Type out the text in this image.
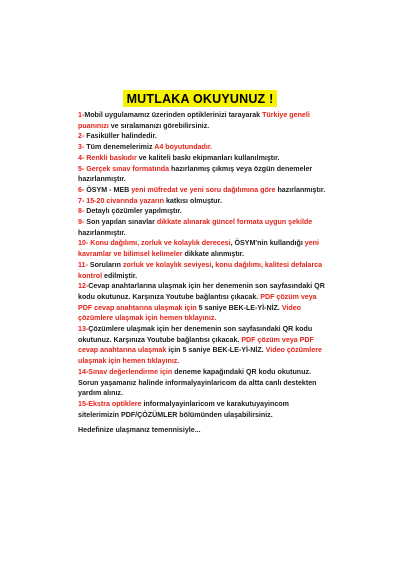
MUTLAKA OKUYUNUZ !

1-Mobil uygulamamız üzerinden optiklerinizi tarayarak Türkiye geneli puanınızı ve sıralamanızı görebilirsiniz.

2- Fasiküller halindedir.

3- Tüm denemelerimiz A4 boyutundadır.

4- Renkli baskıdır ve kaliteli baskı ekipmanları kullanılmıştır.

5- Gerçek sınav formatında hazırlanmış çıkmış veya özgün denemeler hazırlanmıştır.

6- ÖSYM - MEB yeni müfredat ve yeni soru dağılımına göre hazırlanmıştır.

7- 15-20 civarında yazarın katkısı olmuştur.

8- Detaylı çözümler yapılmıştır.

9- Son yapılan sınavlar dikkate alınarak güncel formata uygun şekilde hazırlanmıştır.

10- Konu dağılımı, zorluk ve kolaylık derecesi, ÖSYM'nin kullandığı yeni kavramlar ve bilimsel kelimeler dikkate alınmıştır.

11- Soruların zorluk ve kolaylık seviyesi, konu dağılımı, kalitesi defalarca kontrol edilmiştir.

12-Cevap anahtarlarına ulaşmak için her denemenin son sayfasındaki QR kodu okutunuz. Karşınıza Youtube bağlantısı çıkacak. PDF çözüm veya PDF cevap anahtarına ulaşmak için 5 saniye BEK-LE-Yİ-NİZ. Video çözümlere ulaşmak için hemen tıklayınız.

13-Çözümlere ulaşmak için her denemenin son sayfasındaki QR kodu okutunuz. Karşınıza Youtube bağlantısı çıkacak. PDF çözüm veya PDF cevap anahtarına ulaşmak için 5 saniye BEK-LE-Yİ-NİZ. Video çözümlere ulaşmak için hemen tıklayınız.

14-Sınav değerlendirme için deneme kapağındaki QR kodu okutunuz. Sorun yaşamanız halinde informalyayinlaricom da altta canlı destekten yardım alınız.

15-Ekstra optiklere informalyayinlaricom ve karakutuyayincom sitelerimizin PDF/ÇÖZÜMLER bölümünden ulaşabilirsiniz.

Hedefinize ulaşmanız temennisiyle...
